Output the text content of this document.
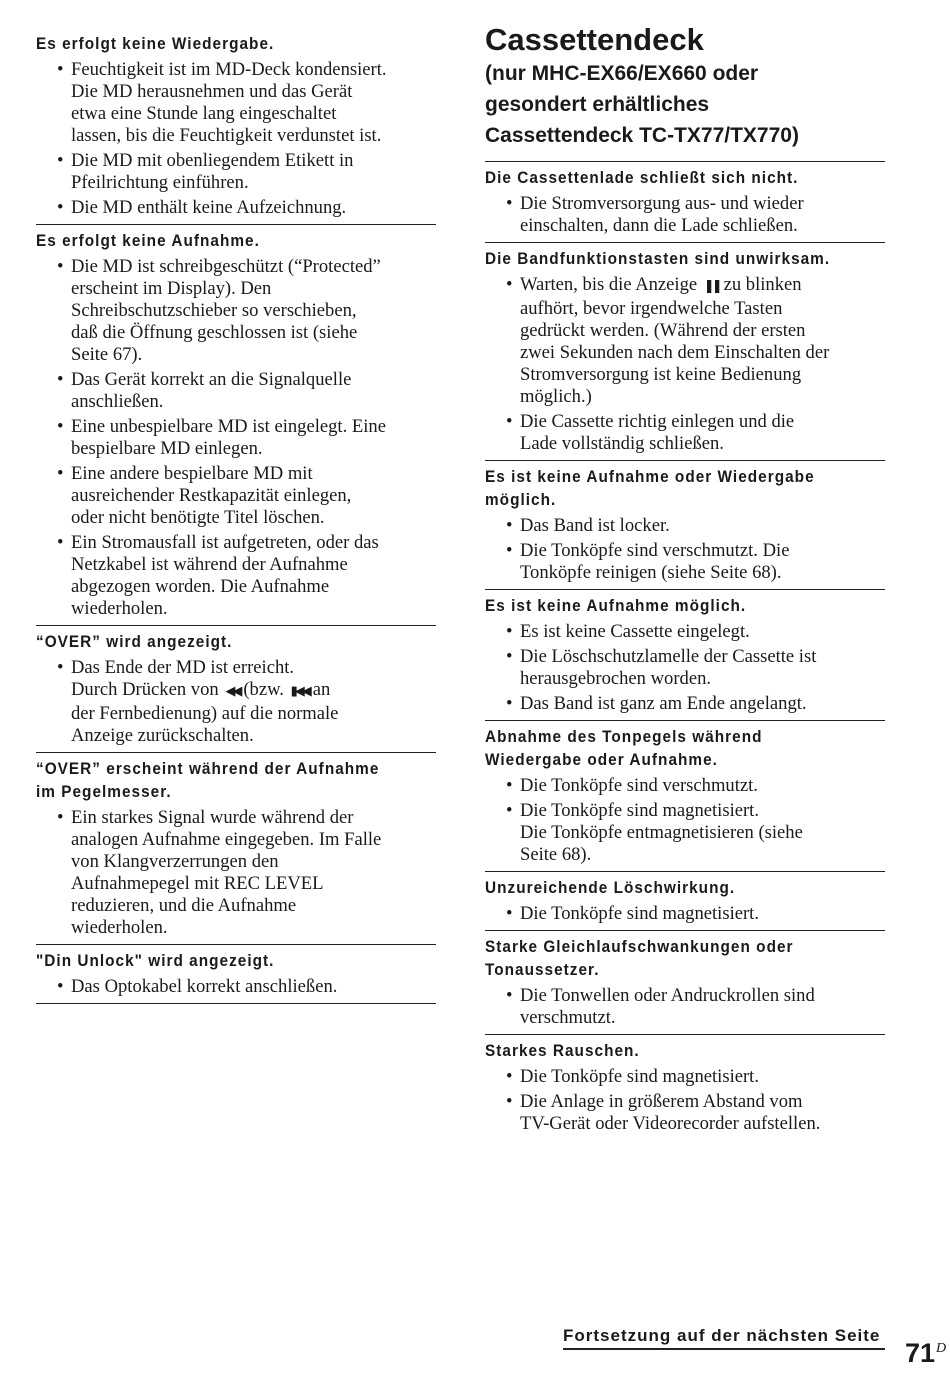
Es erfolgt keine Wiedergabe.
• Feuchtigkeit ist im MD-Deck kondensiert.
Die MD herausnehmen und das Gerät
etwa eine Stunde lang eingeschaltet
lassen, bis die Feuchtigkeit verdunstet ist.
• Die MD mit obenliegendem Etikett in
Pfeilrichtung einführen.
• Die MD enthält keine Aufzeichnung.
Es erfolgt keine Aufnahme.
• Die MD ist schreibgeschützt (“Protected”
erscheint im Display). Den
Schreibschutzschieber so verschieben,
daß die Öffnung geschlossen ist (siehe
Seite 67).
• Das Gerät korrekt an die Signalquelle
anschließen.
• Eine unbespielbare MD ist eingelegt. Eine
bespielbare MD einlegen.
• Eine andere bespielbare MD mit
ausreichender Restkapazität einlegen,
oder nicht benötigte Titel löschen.
• Ein Stromausfall ist aufgetreten, oder das
Netzkabel ist während der Aufnahme
abgezogen worden. Die Aufnahme
wiederholen.
“OVER” wird angezeigt.
• Das Ende der MD ist erreicht.
Durch Drücken von ◀◀ (bzw. ▮◀◀ an
der Fernbedienung) auf die normale
Anzeige zurückschalten.
“OVER” erscheint während der Aufnahme
im Pegelmesser.
• Ein starkes Signal wurde während der
analogen Aufnahme eingegeben. Im Falle
von Klangverzerrungen den
Aufnahmepegel mit REC LEVEL
reduzieren, und die Aufnahme
wiederholen.
"Din Unlock" wird angezeigt.
• Das Optokabel korrekt anschließen.
Cassettendeck
(nur MHC-EX66/EX660 oder
gesondert erhältliches
Cassettendeck TC-TX77/TX770)
Die Cassettenlade schließt sich nicht.
• Die Stromversorgung aus- und wieder
einschalten, dann die Lade schließen.
Die Bandfunktionstasten sind unwirksam.
• Warten, bis die Anzeige ❚❚ zu blinken
aufhört, bevor irgendwelche Tasten
gedrückt werden. (Während der ersten
zwei Sekunden nach dem Einschalten der
Stromversorgung ist keine Bedienung
möglich.)
• Die Cassette richtig einlegen und die
Lade vollständig schließen.
Es ist keine Aufnahme oder Wiedergabe
möglich.
• Das Band ist locker.
• Die Tonköpfe sind verschmutzt. Die
Tonköpfe reinigen (siehe Seite 68).
Es ist keine Aufnahme möglich.
• Es ist keine Cassette eingelegt.
• Die Löschschutzlamelle der Cassette ist
herausgebrochen worden.
• Das Band ist ganz am Ende angelangt.
Abnahme des Tonpegels während
Wiedergabe oder Aufnahme.
• Die Tonköpfe sind verschmutzt.
• Die Tonköpfe sind magnetisiert.
Die Tonköpfe entmagnetisieren (siehe
Seite 68).
Unzureichende Löschwirkung.
• Die Tonköpfe sind magnetisiert.
Starke Gleichlaufschwankungen oder
Tonaussetzer.
• Die Tonwellen oder Andruckrollen sind
verschmutzt.
Starkes Rauschen.
• Die Tonköpfe sind magnetisiert.
• Die Anlage in größerem Abstand vom
TV-Gerät oder Videorecorder aufstellen.
Fortsetzung auf der nächsten Seite
71 D
